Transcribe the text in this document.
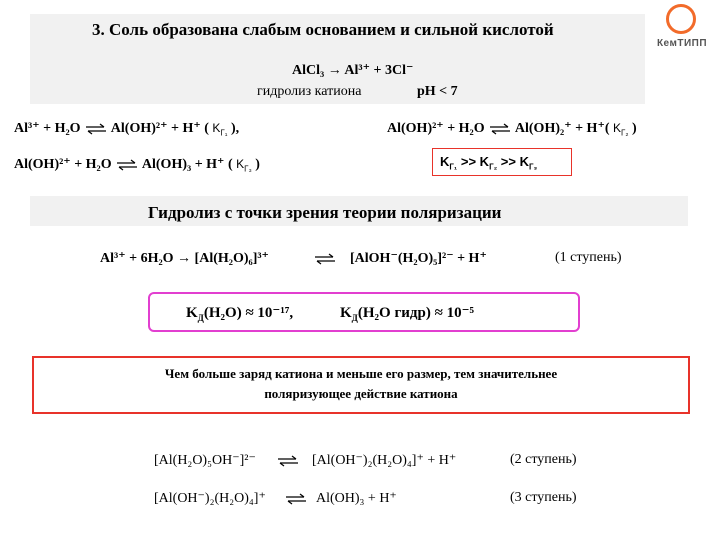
КемТИПП
3. Соль образована слабым основанием и сильной кислотой
AlCl₃ → Al³⁺ + 3Cl⁻
гидролиз катиона	pH < 7
Al³⁺ + H₂O ⇌ Al(OH)²⁺ + H⁺ ( $K_{Г_1}$ ),	Al(OH)²⁺ + H₂O ⇌ Al(OH)₂⁺ + H⁺( $K_{Г_2}$ )
Al(OH)²⁺ + H₂O ⇌ Al(OH)₃ + H⁺ ( $K_{Г_3}$ )	$K_{Г_1} >> K_{Г_2} >> K_{Г_3}$
Гидролиз с точки зрения теории поляризации
Al³⁺ + 6H₂O → [Al(H₂O)₆]³⁺	⇌ [AlOH⁻(H₂O)₅]²⁻ + H⁺	(1 ступень)
$K_Д(H_2O) \approx 10^{-17}$,	$K_Д(H_2O$ гидр) ≈ 10⁻⁵
Чем больше заряд катиона и меньше его размер, тем значительнее
поляризующее действие катиона
[Al(H₂O)₅OH⁻]²⁻ ⇌ [Al(OH⁻)₂(H₂O)₄]⁺ + H⁺	(2 ступень)
[Al(OH⁻)₂(H₂O)₄]⁺ ⇌ Al(OH)₃ + H⁺	(3 ступень)
